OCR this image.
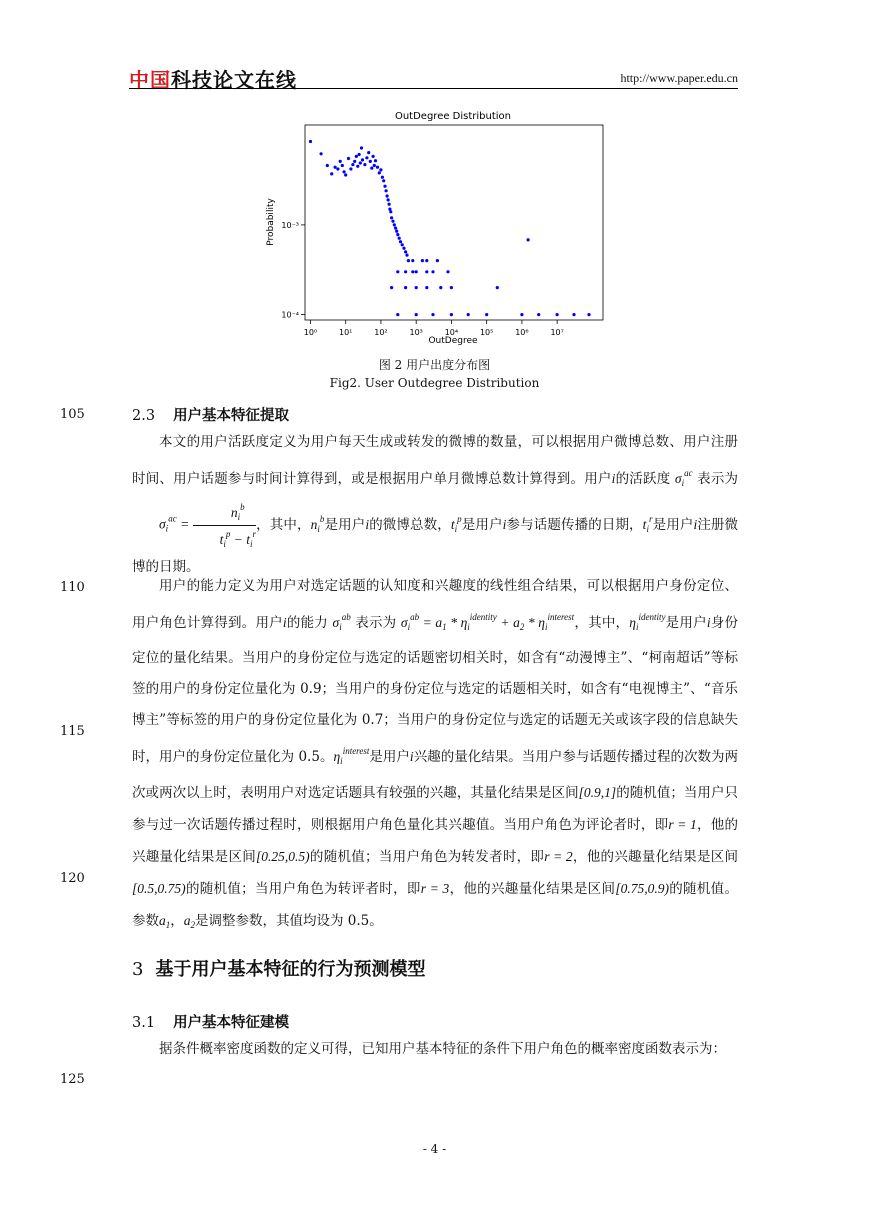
中国科技论文在线	http://www.paper.edu.cn
OutDegree Distribution
10⁰	10¹	10²	10³	10⁴	10⁵	10⁶	10⁷
10⁻³
10⁻⁴
OutDegree
Probability
图 2 用户出度分布图
Fig2. User Outdegree Distribution
105
110
115
120
125
2.3 用户基本特征提取
本文的用户活跃度定义为用户每天生成或转发的微博的数量，可以根据用户微博总数、用户注册时间、用户话题参与时间计算得到，或是根据用户单月微博总数计算得到。用户i的活跃度 $\sigma_i^{ac}$ 表示为 $\sigma_i^{ac}$ =
$n_i^b$
$t_i^p - t_i^r$
，其中，$n_i^b$是用户i的微博总数，$t_i^p$是用户i参与话题传播的日期，$t_i^r$是用户i注册微博的日期。
用户的能力定义为用户对选定话题的认知度和兴趣度的线性组合结果，可以根据用户身份定位、用户角色计算得到。用户i的能力 $\sigma_i^{ab}$ 表示为 $\sigma_i^{ab} = a_1 * \eta_i^{identity} + a_2 * \eta_i^{interest}$，其中，$\eta_i^{identity}$是用户i身份定位的量化结果。当用户的身份定位与选定的话题密切相关时，如含有“动漫博主”、“柯南超话”等标签的用户的身份定位量化为 0.9；当用户的身份定位与选定的话题相关时，如含有“电视博主”、“音乐博主”等标签的用户的身份定位量化为 0.7；当用户的身份定位与选定的话题无关或该字段的信息缺失时，用户的身份定位量化为 0.5。$\eta_i^{interest}$是用户i兴趣的量化结果。当用户参与话题传播过程的次数为两次或两次以上时，表明用户对选定话题具有较强的兴趣，其量化结果是区间[0.9,1]的随机值；当用户只参与过一次话题传播过程时，则根据用户角色量化其兴趣值。当用户角色为评论者时，即r = 1，他的兴趣量化结果是区间[0.25,0.5)的随机值；当用户角色为转发者时，即r = 2，他的兴趣量化结果是区间[0.5,0.75)的随机值；当用户角色为转评者时，即r = 3，他的兴趣量化结果是区间[0.75,0.9)的随机值。参数$a_1$，$a_2$是调整参数，其值均设为 0.5。
3 基于用户基本特征的行为预测模型
3.1 用户基本特征建模
据条件概率密度函数的定义可得，已知用户基本特征的条件下用户角色的概率密度函数表示为：
- 4 -
